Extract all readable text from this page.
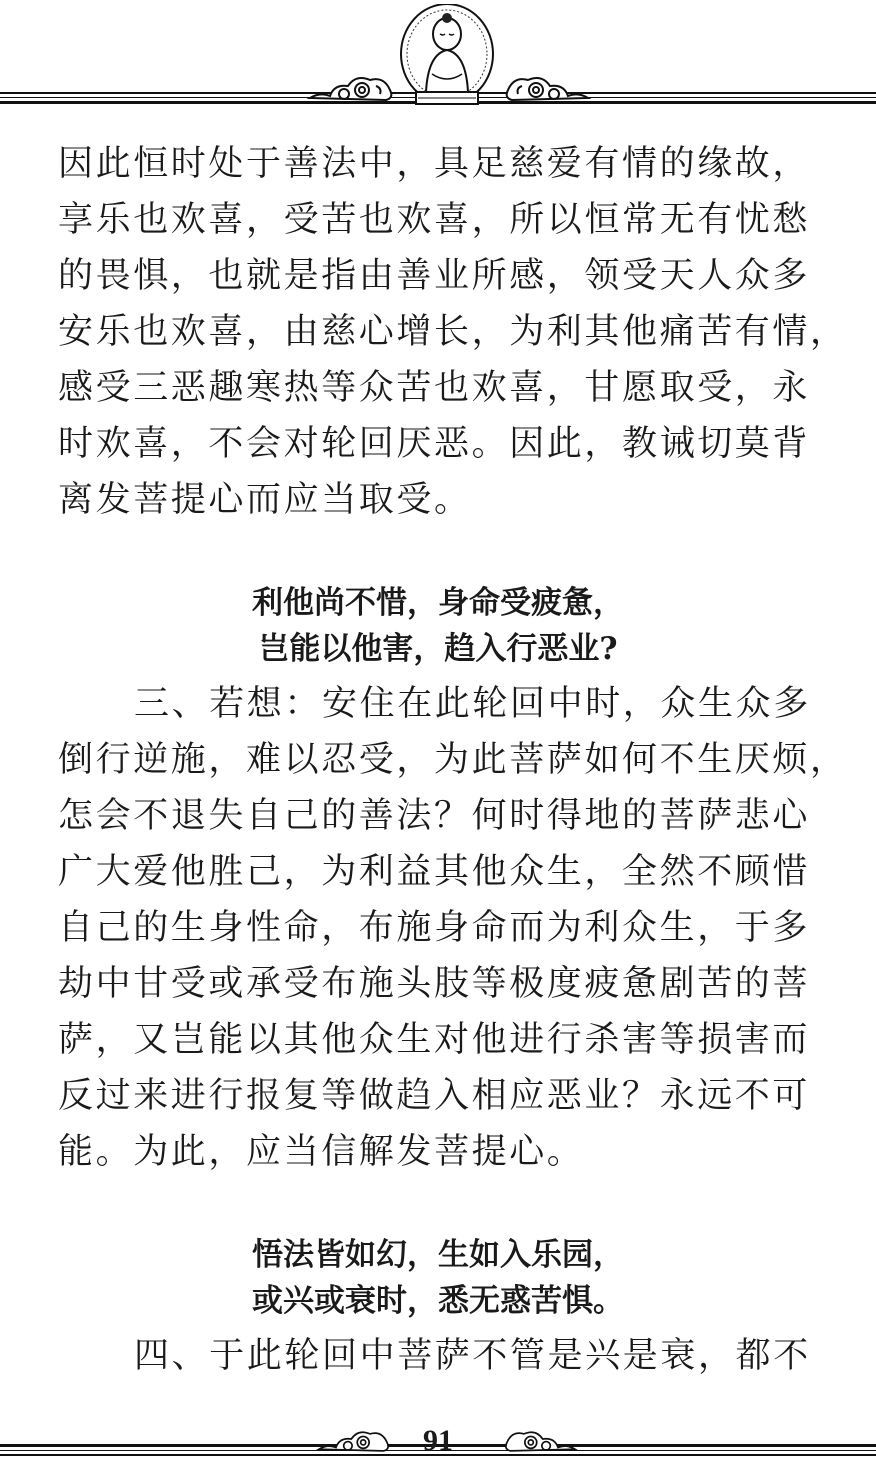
因此恒时处于善法中，具足慈爱有情的缘故，
享乐也欢喜，受苦也欢喜，所以恒常无有忧愁
的畏惧，也就是指由善业所感，领受天人众多
安乐也欢喜，由慈心增长，为利其他痛苦有情，
感受三恶趣寒热等众苦也欢喜，甘愿取受，永
时欢喜，不会对轮回厌恶。因此，教诫切莫背
离发菩提心而应当取受。
利他尚不惜，身命受疲惫，
岂能以他害，趋入行恶业?
三、若想：安住在此轮回中时，众生众多
倒行逆施，难以忍受，为此菩萨如何不生厌烦，
怎会不退失自己的善法？何时得地的菩萨悲心
广大爱他胜己，为利益其他众生，全然不顾惜
自己的生身性命，布施身命而为利众生，于多
劫中甘受或承受布施头肢等极度疲惫剧苦的菩
萨，又岂能以其他众生对他进行杀害等损害而
反过来进行报复等做趋入相应恶业？永远不可
能。为此，应当信解发菩提心。
悟法皆如幻，生如入乐园，
或兴或衰时，悉无惑苦惧。
四、于此轮回中菩萨不管是兴是衰，都不
91
